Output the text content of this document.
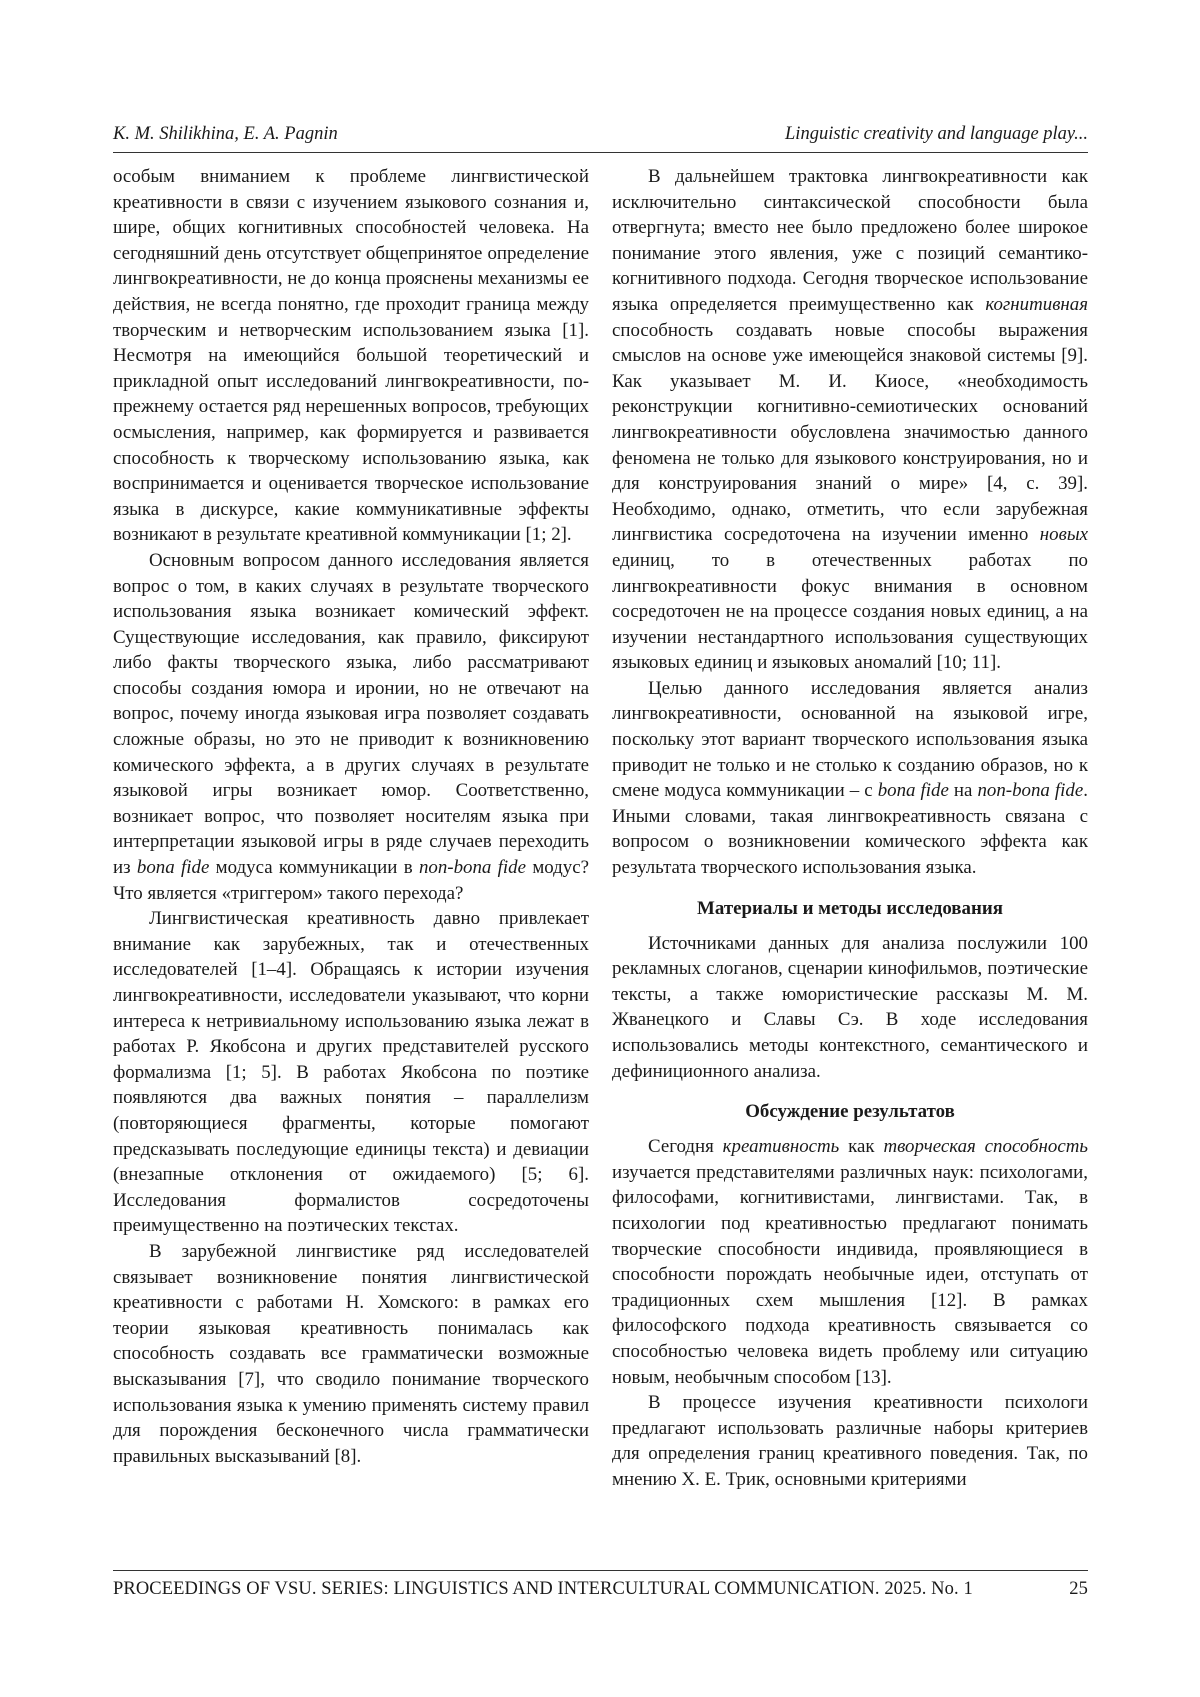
K. M. Shilikhina, E. A. Pagnin	Linguistic creativity and language play...

особым вниманием к проблеме лингвистической креативности в связи с изучением языкового сознания и, шире, общих когнитивных способностей человека. На сегодняшний день отсутствует общепринятое определение лингвокреативности, не до конца прояснены механизмы ее действия, не всегда понятно, где проходит граница между творческим и нетворческим использованием языка [1]. Несмотря на имеющийся большой теоретический и прикладной опыт исследований лингвокреативности, по-прежнему остается ряд нерешенных вопросов, требующих осмысления, например, как формируется и развивается способность к творческому использованию языка, как воспринимается и оценивается творческое использование языка в дискурсе, какие коммуникативные эффекты возникают в результате креативной коммуникации [1; 2].

Основным вопросом данного исследования является вопрос о том, в каких случаях в результате творческого использования языка возникает комический эффект. Существующие исследования, как правило, фиксируют либо факты творческого языка, либо рассматривают способы создания юмора и иронии, но не отвечают на вопрос, почему иногда языковая игра позволяет создавать сложные образы, но это не приводит к возникновению комического эффекта, а в других случаях в результате языковой игры возникает юмор. Соответственно, возникает вопрос, что позволяет носителям языка при интерпретации языковой игры в ряде случаев переходить из bona fide модуса коммуникации в non-bona fide модус? Что является «триггером» такого перехода?

Лингвистическая креативность давно привлекает внимание как зарубежных, так и отечественных исследователей [1–4]. Обращаясь к истории изучения лингвокреативности, исследователи указывают, что корни интереса к нетривиальному использованию языка лежат в работах Р. Якобсона и других представителей русского формализма [1; 5]. В работах Якобсона по поэтике появляются два важных понятия – параллелизм (повторяющиеся фрагменты, которые помогают предсказывать последующие единицы текста) и девиации (внезапные отклонения от ожидаемого) [5; 6]. Исследования формалистов сосредоточены преимущественно на поэтических текстах.

В зарубежной лингвистике ряд исследователей связывает возникновение понятия лингвистической креативности с работами Н. Хомского: в рамках его теории языковая креативность понималась как способность создавать все грамматически возможные высказывания [7], что сводило понимание творческого использования языка к умению применять систему правил для порождения бесконечного числа грамматически правильных высказываний [8].

В дальнейшем трактовка лингвокреативности как исключительно синтаксической способности была отвергнута; вместо нее было предложено более широкое понимание этого явления, уже с позиций семантико-когнитивного подхода. Сегодня творческое использование языка определяется преимущественно как когнитивная способность создавать новые способы выражения смыслов на основе уже имеющейся знаковой системы [9]. Как указывает М. И. Киосе, «необходимость реконструкции когнитивно-семиотических оснований лингвокреативности обусловлена значимостью данного феномена не только для языкового конструирования, но и для конструирования знаний о мире» [4, с. 39]. Необходимо, однако, отметить, что если зарубежная лингвистика сосредоточена на изучении именно новых единиц, то в отечественных работах по лингвокреативности фокус внимания в основном сосредоточен не на процессе создания новых единиц, а на изучении нестандартного использования существующих языковых единиц и языковых аномалий [10; 11].

Целью данного исследования является анализ лингвокреативности, основанной на языковой игре, поскольку этот вариант творческого использования языка приводит не только и не столько к созданию образов, но к смене модуса коммуникации – с bona fide на non-bona fide. Иными словами, такая лингвокреативность связана с вопросом о возникновении комического эффекта как результата творческого использования языка.

Материалы и методы исследования

Источниками данных для анализа послужили 100 рекламных слоганов, сценарии кинофильмов, поэтические тексты, а также юмористические рассказы М. М. Жванецкого и Славы Сэ. В ходе исследования использовались методы контекстного, семантического и дефиниционного анализа.

Обсуждение результатов

Сегодня креативность как творческая способность изучается представителями различных наук: психологами, философами, когнитивистами, лингвистами. Так, в психологии под креативностью предлагают понимать творческие способности индивида, проявляющиеся в способности порождать необычные идеи, отступать от традиционных схем мышления [12]. В рамках философского подхода креативность связывается со способностью человека видеть проблему или ситуацию новым, необычным способом [13].

В процессе изучения креативности психологи предлагают использовать различные наборы критериев для определения границ креативного поведения. Так, по мнению Х. Е. Трик, основными критериями

PROCEEDINGS OF VSU. SERIES: LINGUISTICS AND INTERCULTURAL COMMUNICATION. 2025. No. 1	25
